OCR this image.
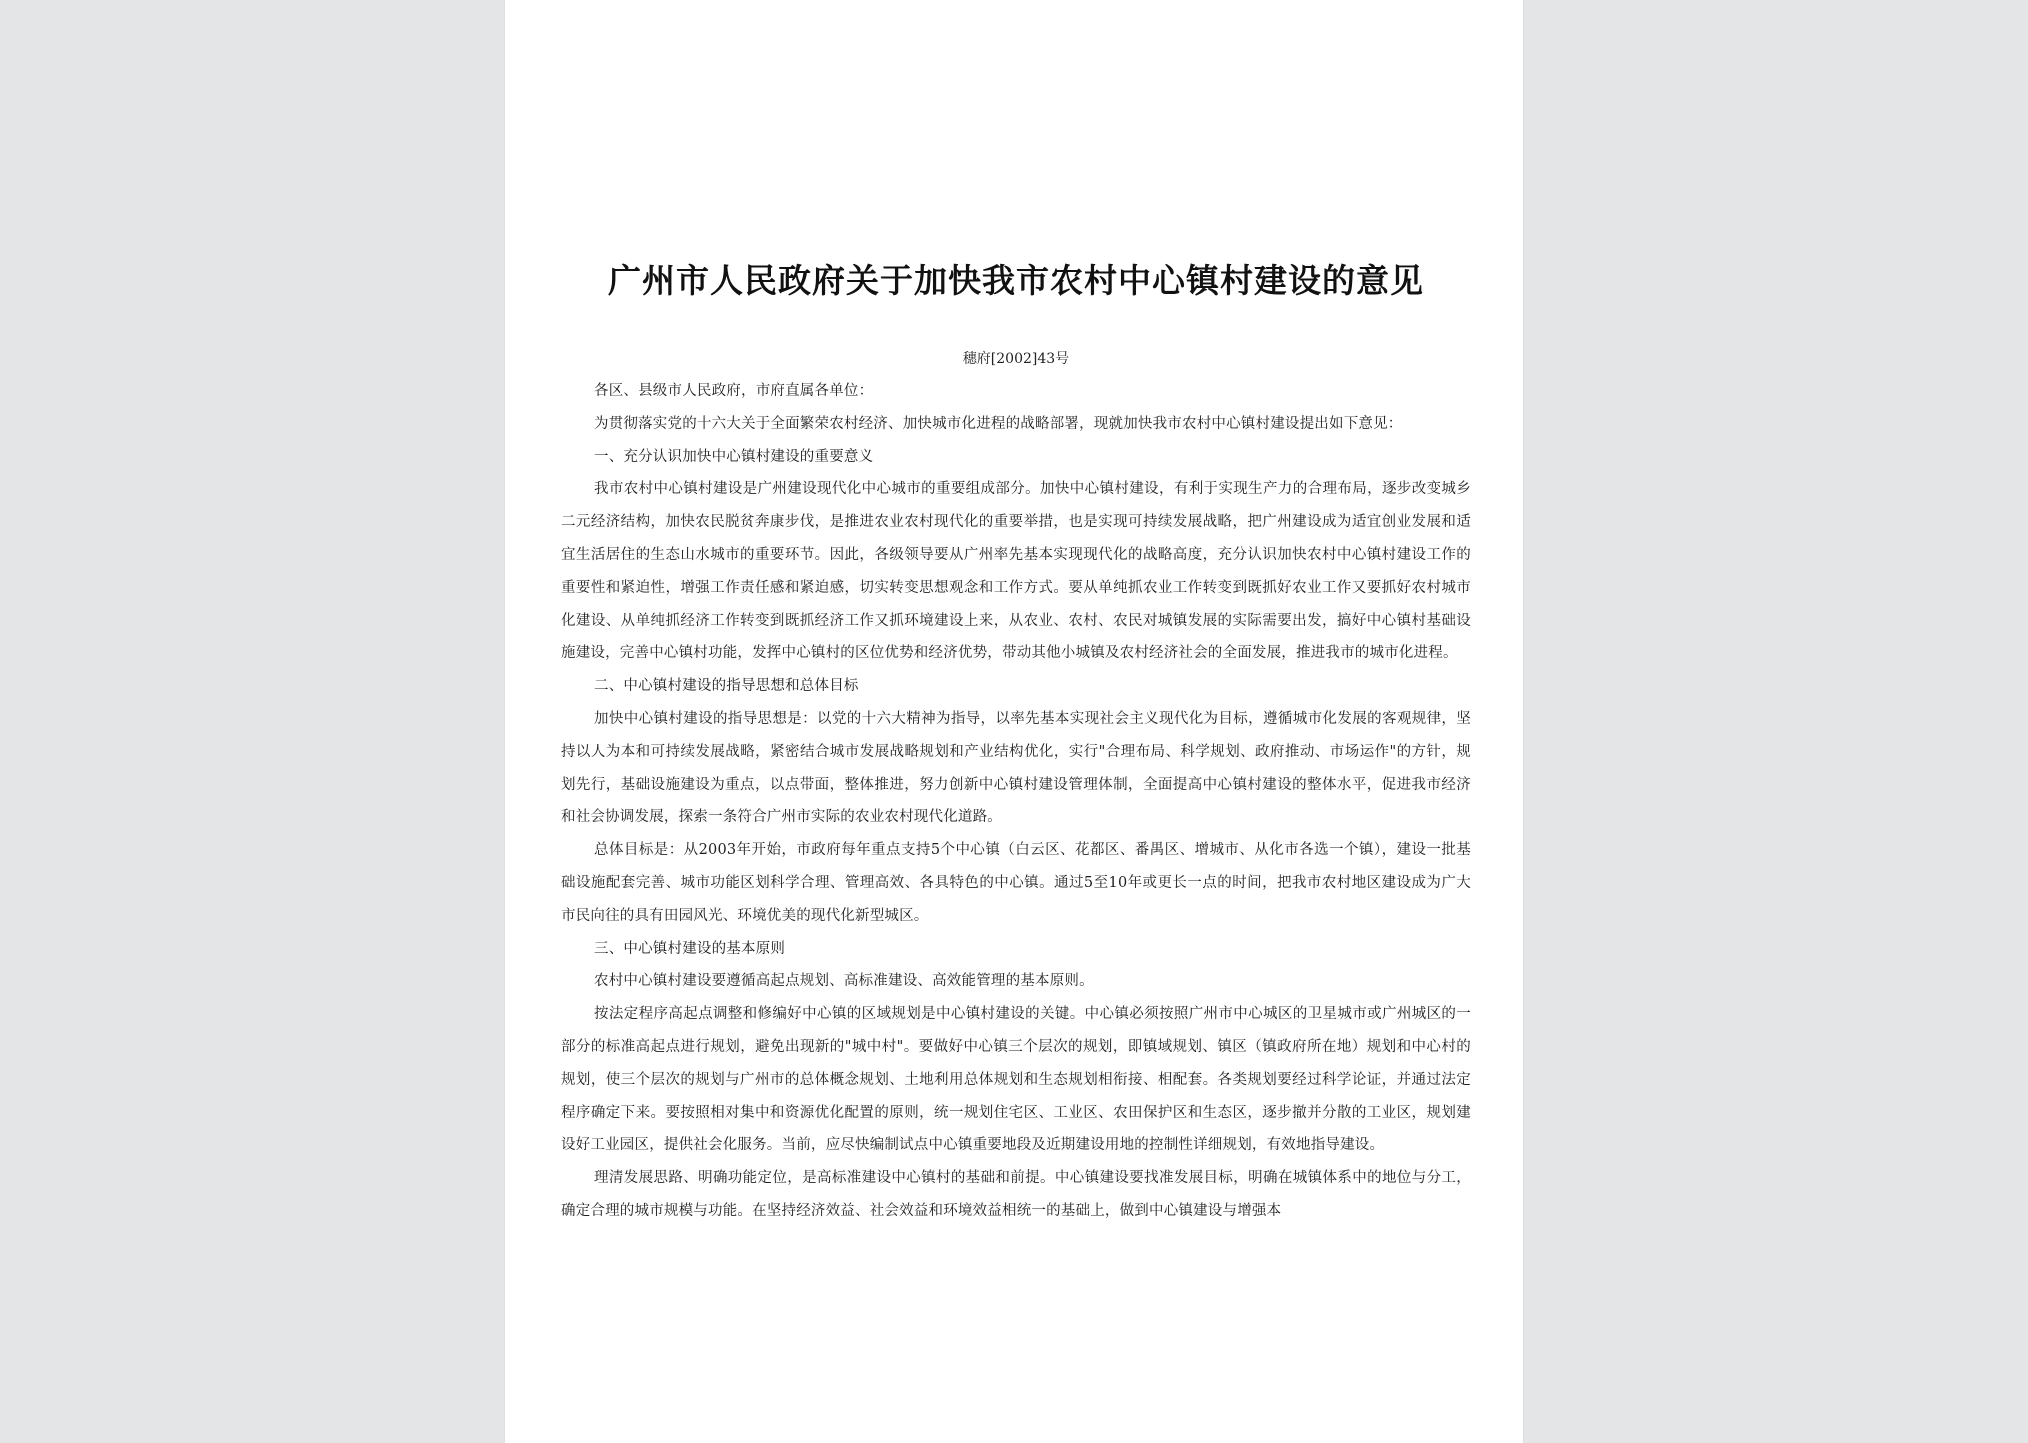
广州市人民政府关于加快我市农村中心镇村建设的意见
穗府[2002]43号

各区、县级市人民政府，市府直属各单位：

为贯彻落实党的十六大关于全面繁荣农村经济、加快城市化进程的战略部署，现就加快我市农村中心镇村建设提出如下意见：

一、充分认识加快中心镇村建设的重要意义

我市农村中心镇村建设是广州建设现代化中心城市的重要组成部分。加快中心镇村建设，有利于实现生产力的合理布局，逐步改变城乡二元经济结构，加快农民脱贫奔康步伐，是推进农业农村现代化的重要举措，也是实现可持续发展战略，把广州建设成为适宜创业发展和适宜生活居住的生态山水城市的重要环节。因此，各级领导要从广州率先基本实现现代化的战略高度，充分认识加快农村中心镇村建设工作的重要性和紧迫性，增强工作责任感和紧迫感，切实转变思想观念和工作方式。要从单纯抓农业工作转变到既抓好农业工作又要抓好农村城市化建设、从单纯抓经济工作转变到既抓经济工作又抓环境建设上来，从农业、农村、农民对城镇发展的实际需要出发，搞好中心镇村基础设施建设，完善中心镇村功能，发挥中心镇村的区位优势和经济优势，带动其他小城镇及农村经济社会的全面发展，推进我市的城市化进程。

二、中心镇村建设的指导思想和总体目标

加快中心镇村建设的指导思想是：以党的十六大精神为指导，以率先基本实现社会主义现代化为目标，遵循城市化发展的客观规律，坚持以人为本和可持续发展战略，紧密结合城市发展战略规划和产业结构优化，实行"合理布局、科学规划、政府推动、市场运作"的方针，规划先行，基础设施建设为重点，以点带面，整体推进，努力创新中心镇村建设管理体制，全面提高中心镇村建设的整体水平，促进我市经济和社会协调发展，探索一条符合广州市实际的农业农村现代化道路。

总体目标是：从2003年开始，市政府每年重点支持5个中心镇（白云区、花都区、番禺区、增城市、从化市各选一个镇），建设一批基础设施配套完善、城市功能区划科学合理、管理高效、各具特色的中心镇。通过5至10年或更长一点的时间，把我市农村地区建设成为广大市民向往的具有田园风光、环境优美的现代化新型城区。

三、中心镇村建设的基本原则

农村中心镇村建设要遵循高起点规划、高标准建设、高效能管理的基本原则。

按法定程序高起点调整和修编好中心镇的区域规划是中心镇村建设的关键。中心镇必须按照广州市中心城区的卫星城市或广州城区的一部分的标准高起点进行规划，避免出现新的"城中村"。要做好中心镇三个层次的规划，即镇域规划、镇区（镇政府所在地）规划和中心村的规划，使三个层次的规划与广州市的总体概念规划、土地利用总体规划和生态规划相衔接、相配套。各类规划要经过科学论证，并通过法定程序确定下来。要按照相对集中和资源优化配置的原则，统一规划住宅区、工业区、农田保护区和生态区，逐步撤并分散的工业区，规划建设好工业园区，提供社会化服务。当前，应尽快编制试点中心镇重要地段及近期建设用地的控制性详细规划，有效地指导建设。

理清发展思路、明确功能定位，是高标准建设中心镇村的基础和前提。中心镇建设要找准发展目标，明确在城镇体系中的地位与分工，确定合理的城市规模与功能。在坚持经济效益、社会效益和环境效益相统一的基础上，做到中心镇建设与增强本
